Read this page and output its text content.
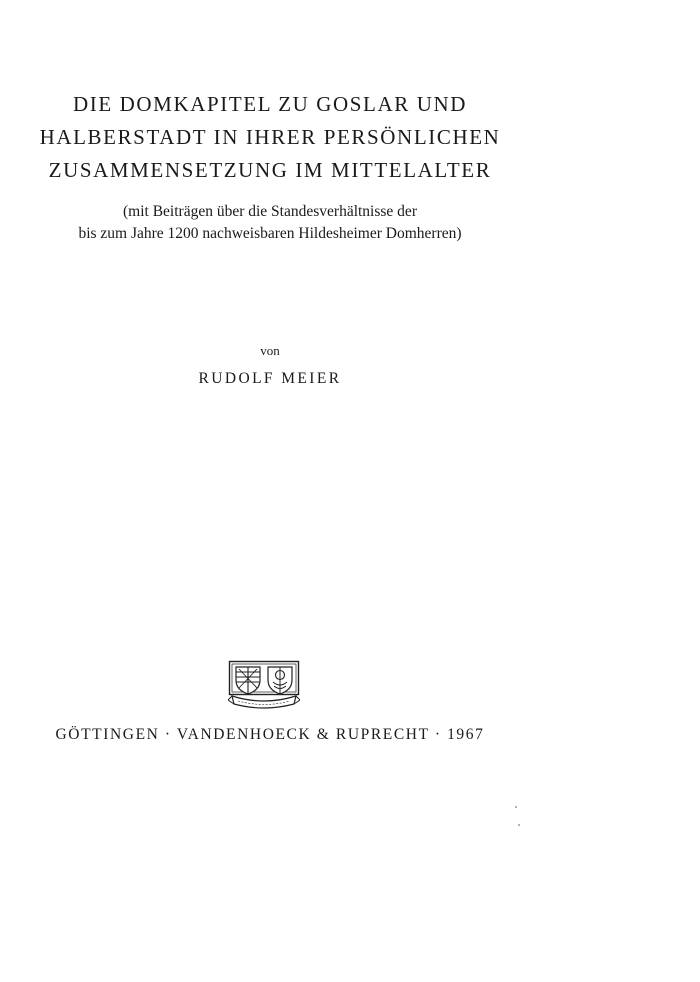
DIE DOMKAPITEL ZU GOSLAR UND
HALBERSTADT IN IHRER PERSÖNLICHEN
ZUSAMMENSETZUNG IM MITTELALTER
(mit Beiträgen über die Standesverhältnisse der
bis zum Jahre 1200 nachweisbaren Hildesheimer Domherren)
von
RUDOLF MEIER
GÖTTINGEN · VANDENHOECK & RUPRECHT · 1967
